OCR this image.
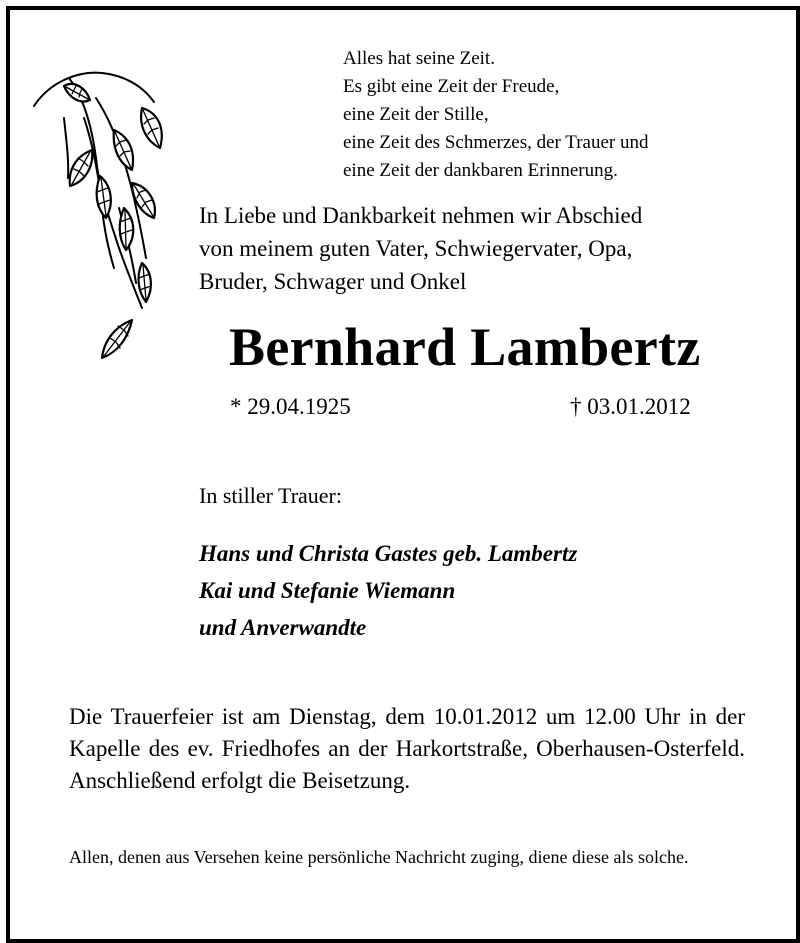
Alles hat seine Zeit.
Es gibt eine Zeit der Freude,
eine Zeit der Stille,
eine Zeit des Schmerzes, der Trauer und
eine Zeit der dankbaren Erinnerung.
In Liebe und Dankbarkeit nehmen wir Abschied
von meinem guten Vater, Schwiegervater, Opa,
Bruder, Schwager und Onkel
Bernhard Lambertz
* 29.04.1925	† 03.01.2012
In stiller Trauer:
Hans und Christa Gastes geb. Lambertz
Kai und Stefanie Wiemann
und Anverwandte
Die Trauerfeier ist am Dienstag, dem 10.01.2012 um 12.00 Uhr in der Kapelle des ev. Friedhofes an der Harkortstraße, Oberhausen-Osterfeld. Anschließend erfolgt die Beisetzung.
Allen, denen aus Versehen keine persönliche Nachricht zuging, diene diese als solche.
